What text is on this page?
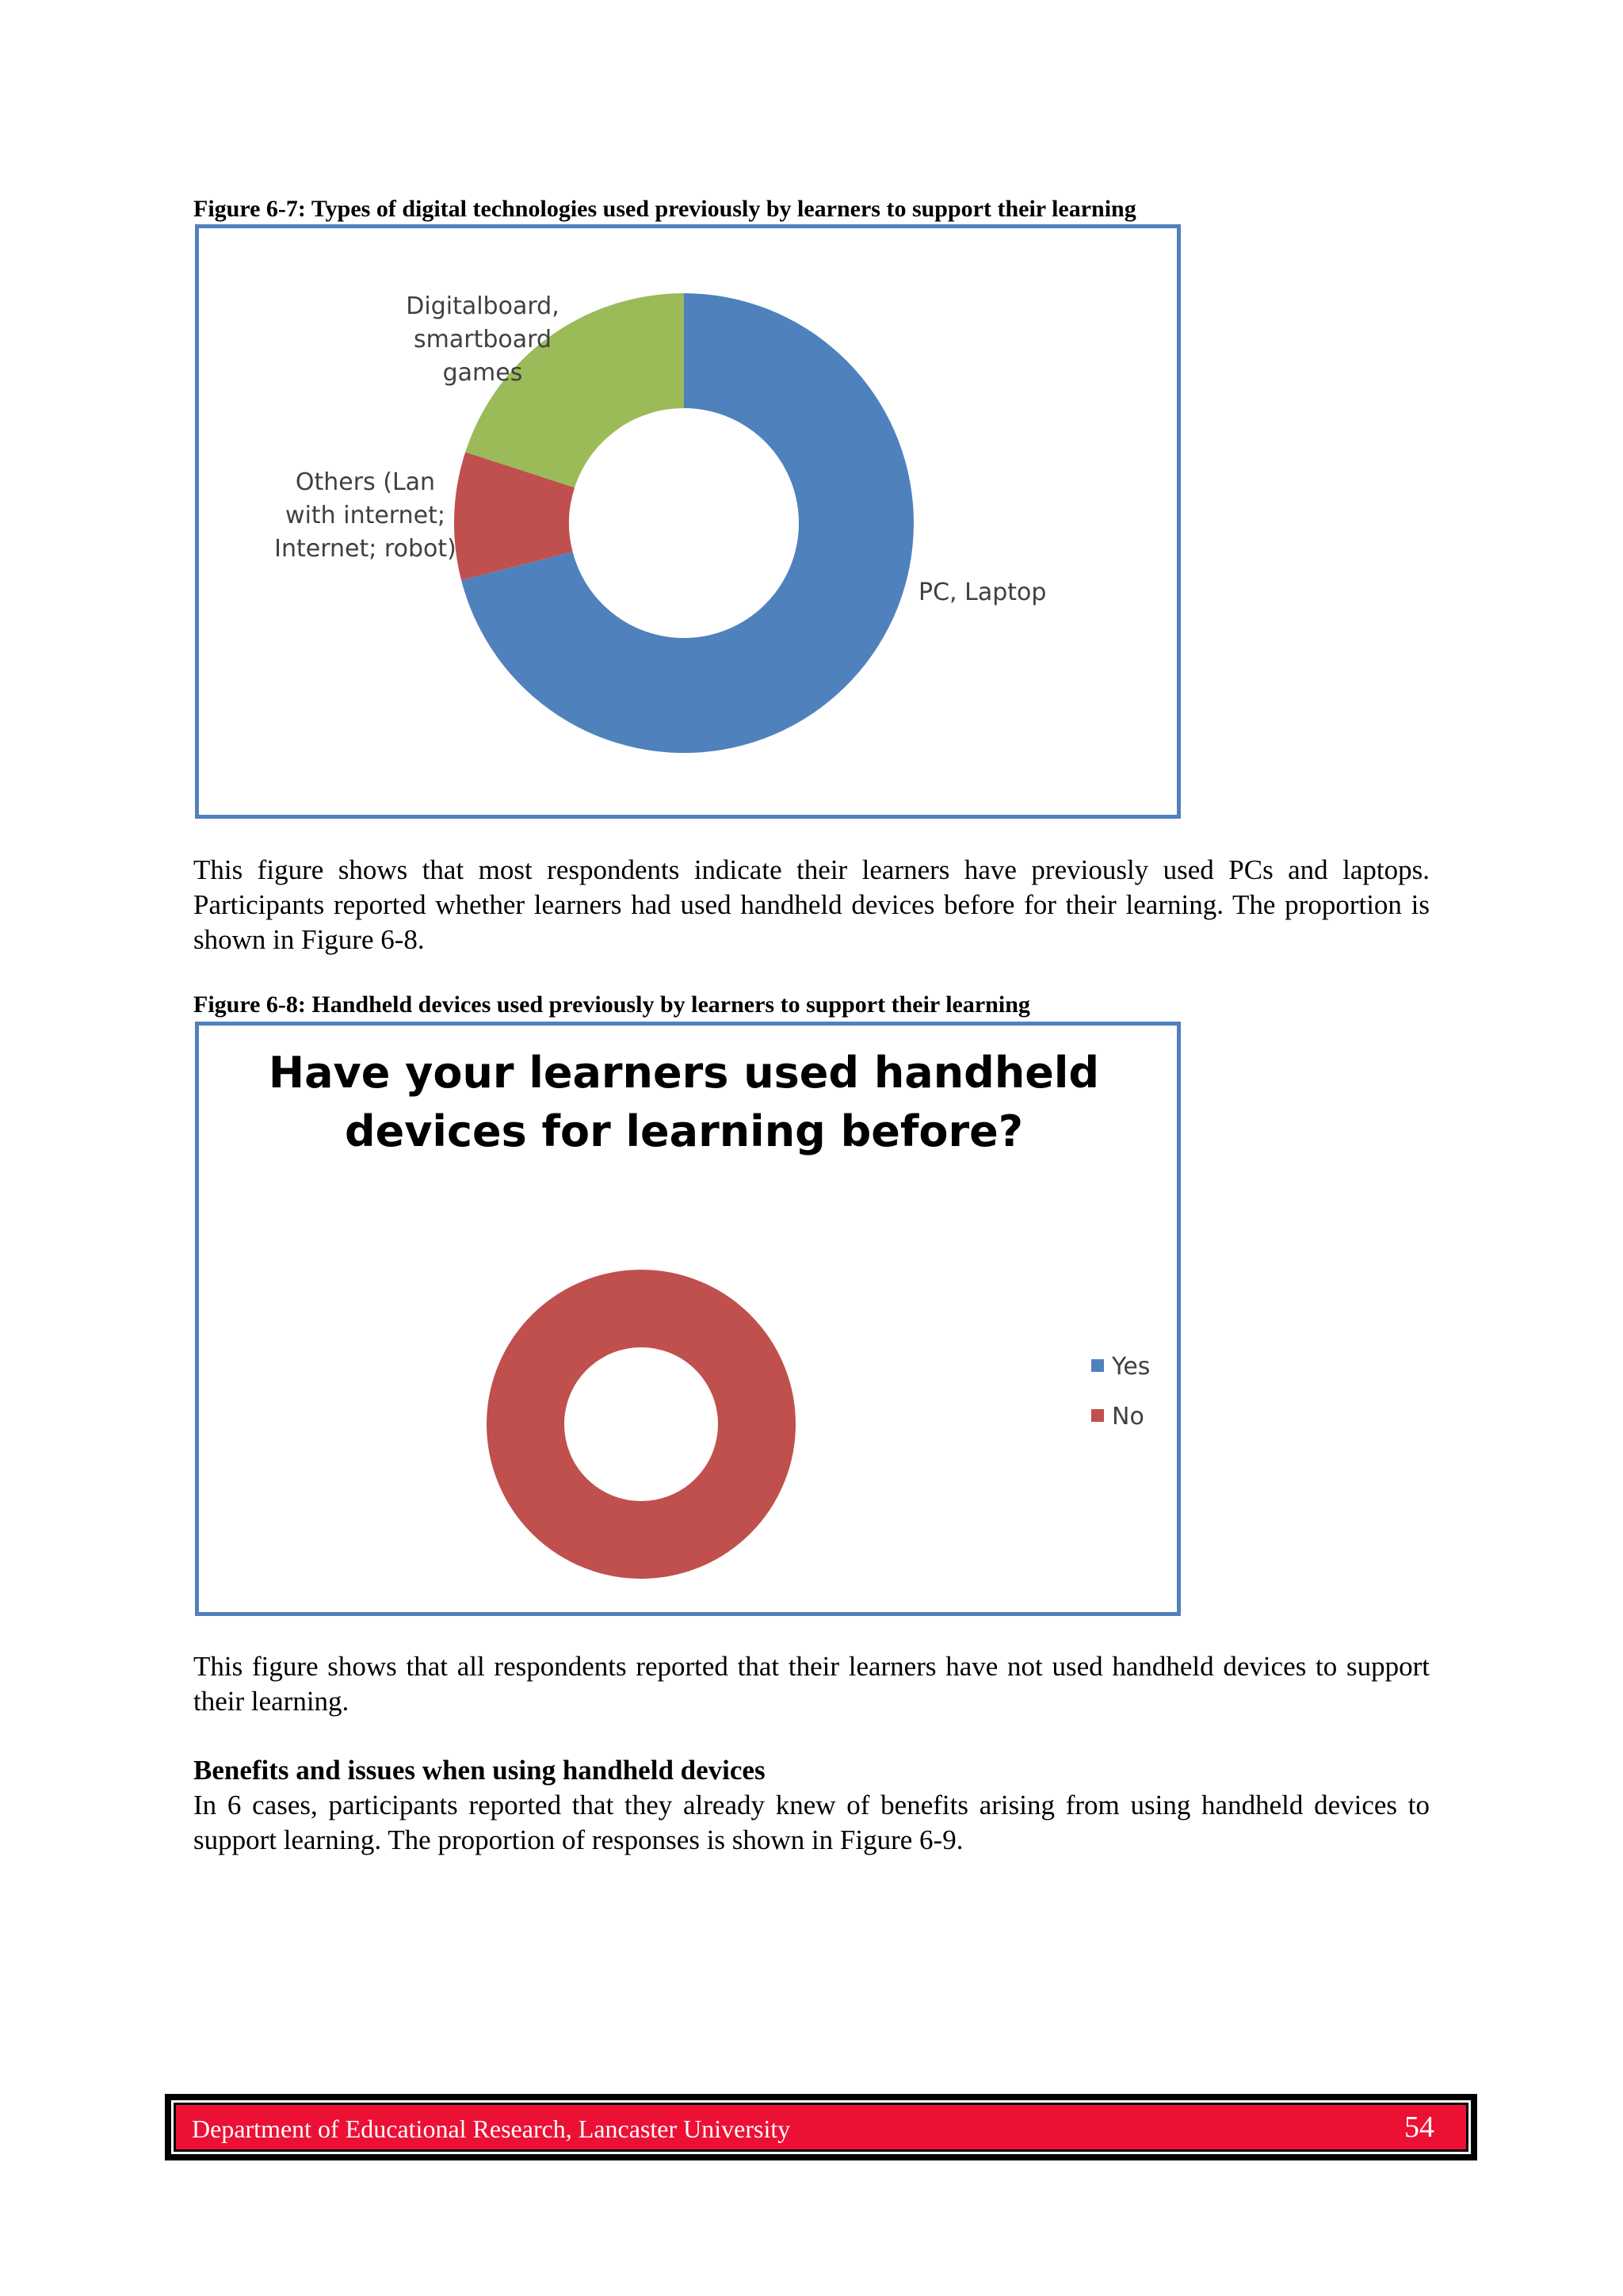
Figure 6-7: Types of digital technologies used previously by learners to support their learning
Digitalboard,
smartboard
games
Others (Lan
with internet;
Internet; robot)
PC, Laptop
This figure shows that most respondents indicate their learners have previously used PCs and laptops. Participants reported whether learners had used handheld devices before for their learning. The proportion is shown in Figure 6-8.
Figure 6-8: Handheld devices used previously by learners to support their learning
Have your learners used handheld
devices for learning before?
Yes
No
This figure shows that all respondents reported that their learners have not used handheld devices to support their learning.
Benefits and issues when using handheld devices
In 6 cases, participants reported that they already knew of benefits arising from using handheld devices to support learning. The proportion of responses is shown in Figure 6-9.
Department of Educational Research, Lancaster University	54
